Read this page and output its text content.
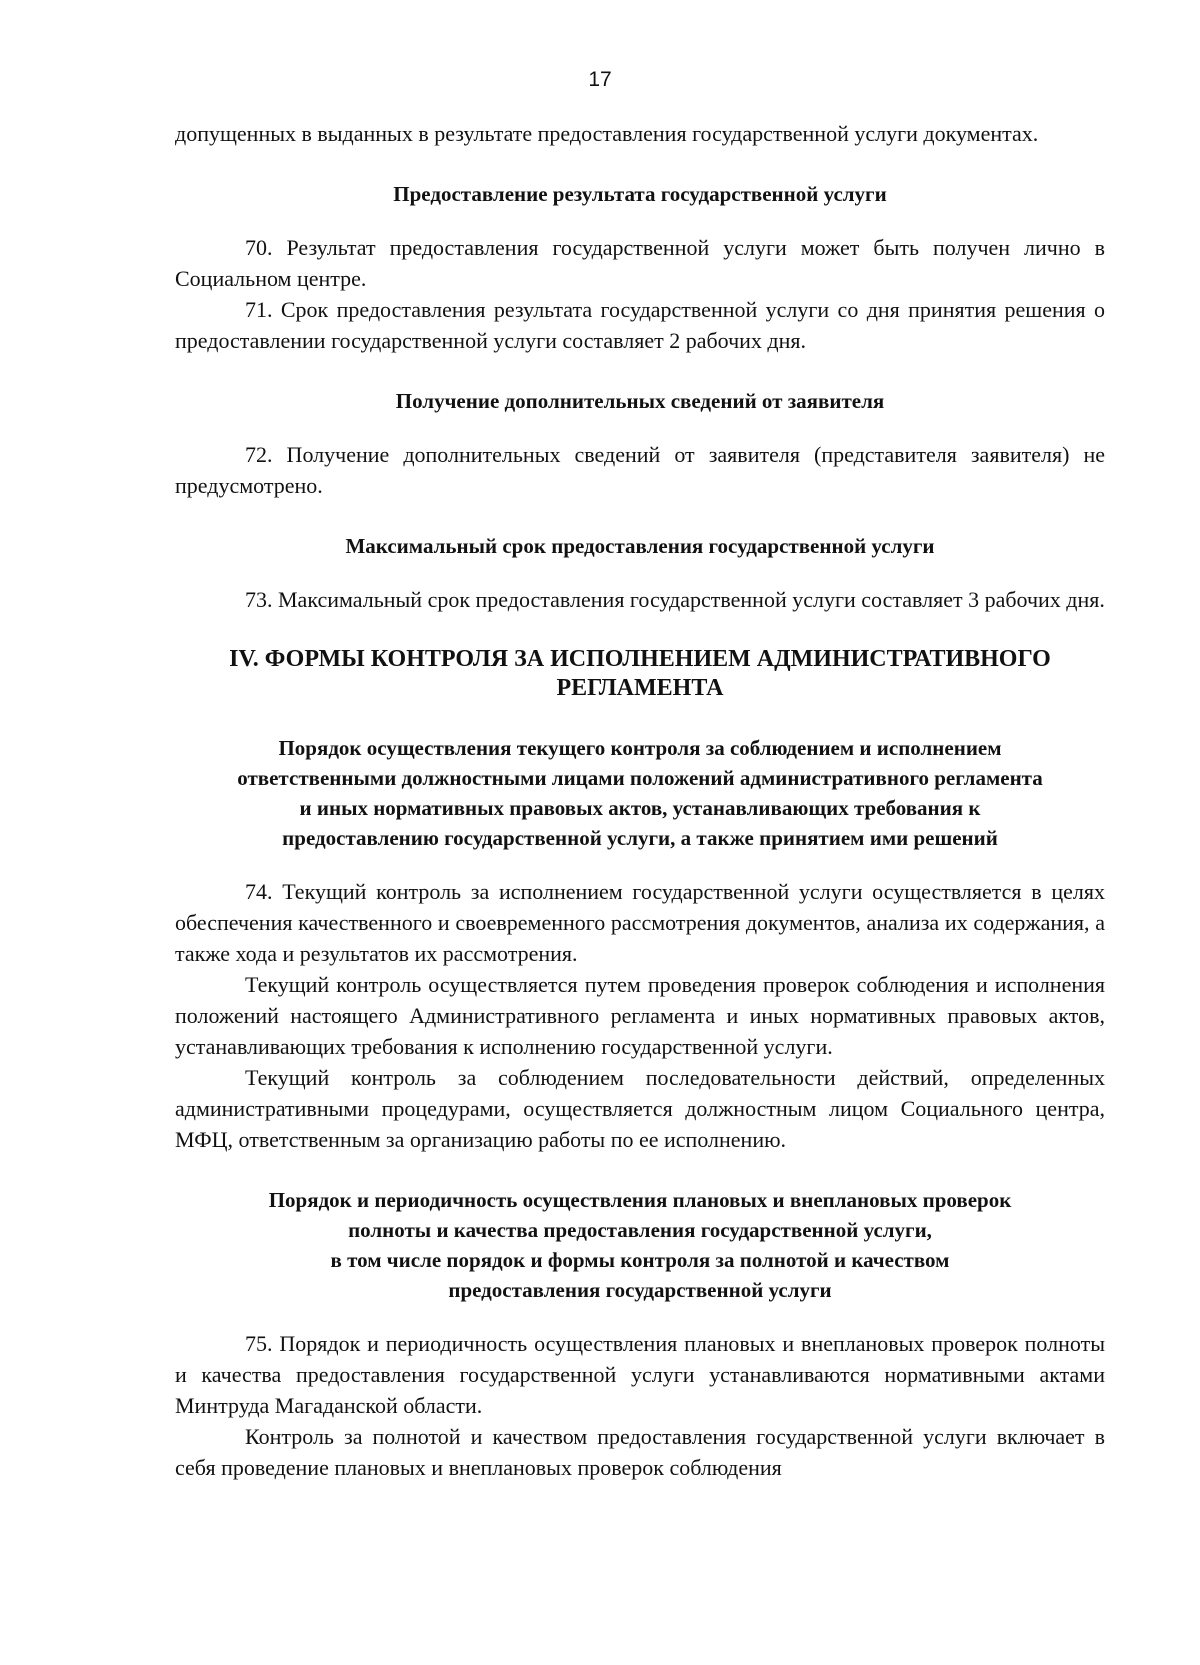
17

допущенных в выданных в результате предоставления государственной услуги документах.

Предоставление результата государственной услуги

70. Результат предоставления государственной услуги может быть получен лично в Социальном центре.

71. Срок предоставления результата государственной услуги со дня принятия решения о предоставлении государственной услуги составляет 2 рабочих дня.

Получение дополнительных сведений от заявителя

72. Получение дополнительных сведений от заявителя (представителя заявителя) не предусмотрено.

Максимальный срок предоставления государственной услуги

73. Максимальный срок предоставления государственной услуги составляет 3 рабочих дня.

IV. ФОРМЫ КОНТРОЛЯ ЗА ИСПОЛНЕНИЕМ АДМИНИСТРАТИВНОГО
РЕГЛАМЕНТА
Порядок осуществления текущего контроля за соблюдением и исполнением
ответственными должностными лицами положений административного регламента
и иных нормативных правовых актов, устанавливающих требования к
предоставлению государственной услуги, а также принятием ими решений

74. Текущий контроль за исполнением государственной услуги осуществляется в целях обеспечения качественного и своевременного рассмотрения документов, анализа их содержания, а также хода и результатов их рассмотрения.

Текущий контроль осуществляется путем проведения проверок соблюдения и исполнения положений настоящего Административного регламента и иных нормативных правовых актов, устанавливающих требования к исполнению государственной услуги.

Текущий контроль за соблюдением последовательности действий, определенных административными процедурами, осуществляется должностным лицом Социального центра, МФЦ, ответственным за организацию работы по ее исполнению.

Порядок и периодичность осуществления плановых и внеплановых проверок
полноты и качества предоставления государственной услуги,
в том числе порядок и формы контроля за полнотой и качеством
предоставления государственной услуги

75. Порядок и периодичность осуществления плановых и внеплановых проверок полноты и качества предоставления государственной услуги устанавливаются нормативными актами Минтруда Магаданской области.

Контроль за полнотой и качеством предоставления государственной услуги включает в себя проведение плановых и внеплановых проверок соблюдения
